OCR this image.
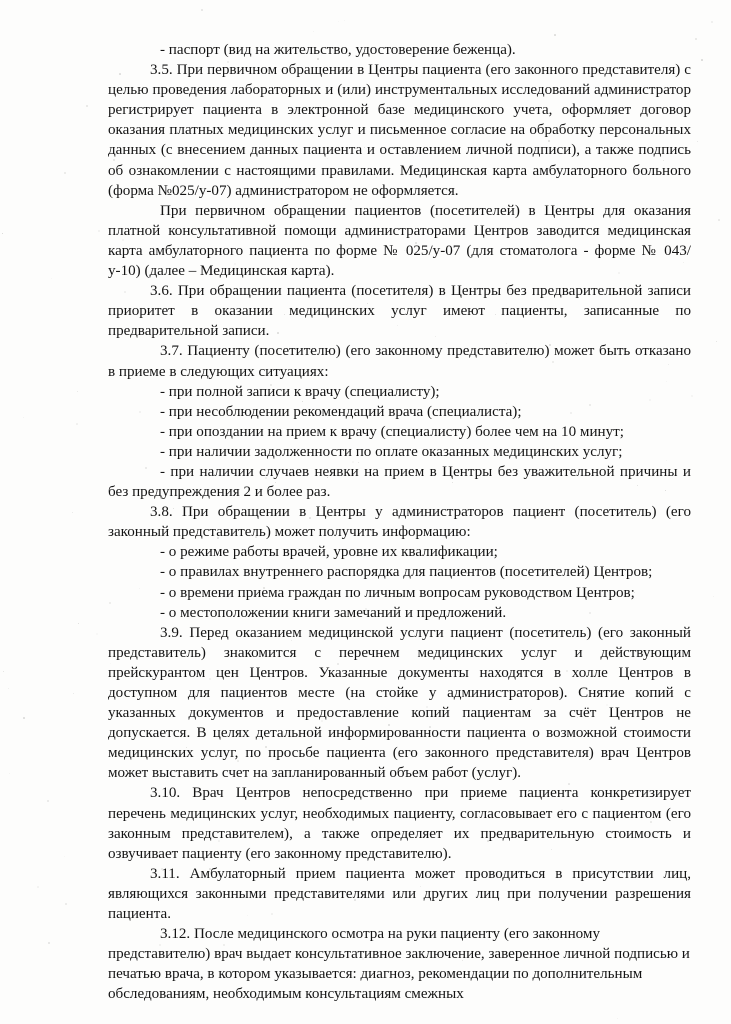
- паспорт (вид на жительство, удостоверение беженца).

3.5. При первичном обращении в Центры пациента (его законного представителя) с целью проведения лабораторных и (или) инструментальных исследований администратор регистрирует пациента в электронной базе медицинского учета, оформляет договор оказания платных медицинских услуг и письменное согласие на обработку персональных данных (с внесением данных пациента и оставлением личной подписи), а также подпись об ознакомлении с настоящими правилами. Медицинская карта амбулаторного больного (форма №025/у-07) администратором не оформляется.

При первичном обращении пациентов (посетителей) в Центры для оказания платной консультативной помощи администраторами Центров заводится медицинская карта амбулаторного пациента по форме № 025/у-07 (для стоматолога - форме № 043/у-10) (далее – Медицинская карта).

3.6. При обращении пациента (посетителя) в Центры без предварительной записи приоритет в оказании медицинских услуг имеют пациенты, записанные по предварительной записи.

3.7. Пациенту (посетителю) (его законному представителю) может быть отказано в приеме в следующих ситуациях:

- при полной записи к врачу (специалисту);

- при несоблюдении рекомендаций врача (специалиста);

- при опоздании на прием к врачу (специалисту) более чем на 10 минут;

- при наличии задолженности по оплате оказанных медицинских услуг;

- при наличии случаев неявки на прием в Центры без уважительной причины и без предупреждения 2 и более раз.

3.8. При обращении в Центры у администраторов пациент (посетитель) (его законный представитель) может получить информацию:

- о режиме работы врачей, уровне их квалификации;

- о правилах внутреннего распорядка для пациентов (посетителей) Центров;

- о времени приема граждан по личным вопросам руководством Центров;

- о местоположении книги замечаний и предложений.

3.9. Перед оказанием медицинской услуги пациент (посетитель) (его законный представитель) знакомится с перечнем медицинских услуг и действующим прейскурантом цен Центров. Указанные документы находятся в холле Центров в доступном для пациентов месте (на стойке у администраторов). Снятие копий с указанных документов и предоставление копий пациентам за счёт Центров не допускается. В целях детальной информированности пациента о возможной стоимости медицинских услуг, по просьбе пациента (его законного представителя) врач Центров может выставить счет на запланированный объем работ (услуг).

3.10. Врач Центров непосредственно при приеме пациента конкретизирует перечень медицинских услуг, необходимых пациенту, согласовывает его с пациентом (его законным представителем), а также определяет их предварительную стоимость и озвучивает пациенту (его законному представителю).

3.11. Амбулаторный прием пациента может проводиться в присутствии лиц, являющихся законными представителями или других лиц при получении разрешения пациента.

3.12. После медицинского осмотра на руки пациенту (его законному представителю) врач выдает консультативное заключение, заверенное личной подписью и печатью врача, в котором указывается: диагноз, рекомендации по дополнительным обследованиям, необходимым консультациям смежных
